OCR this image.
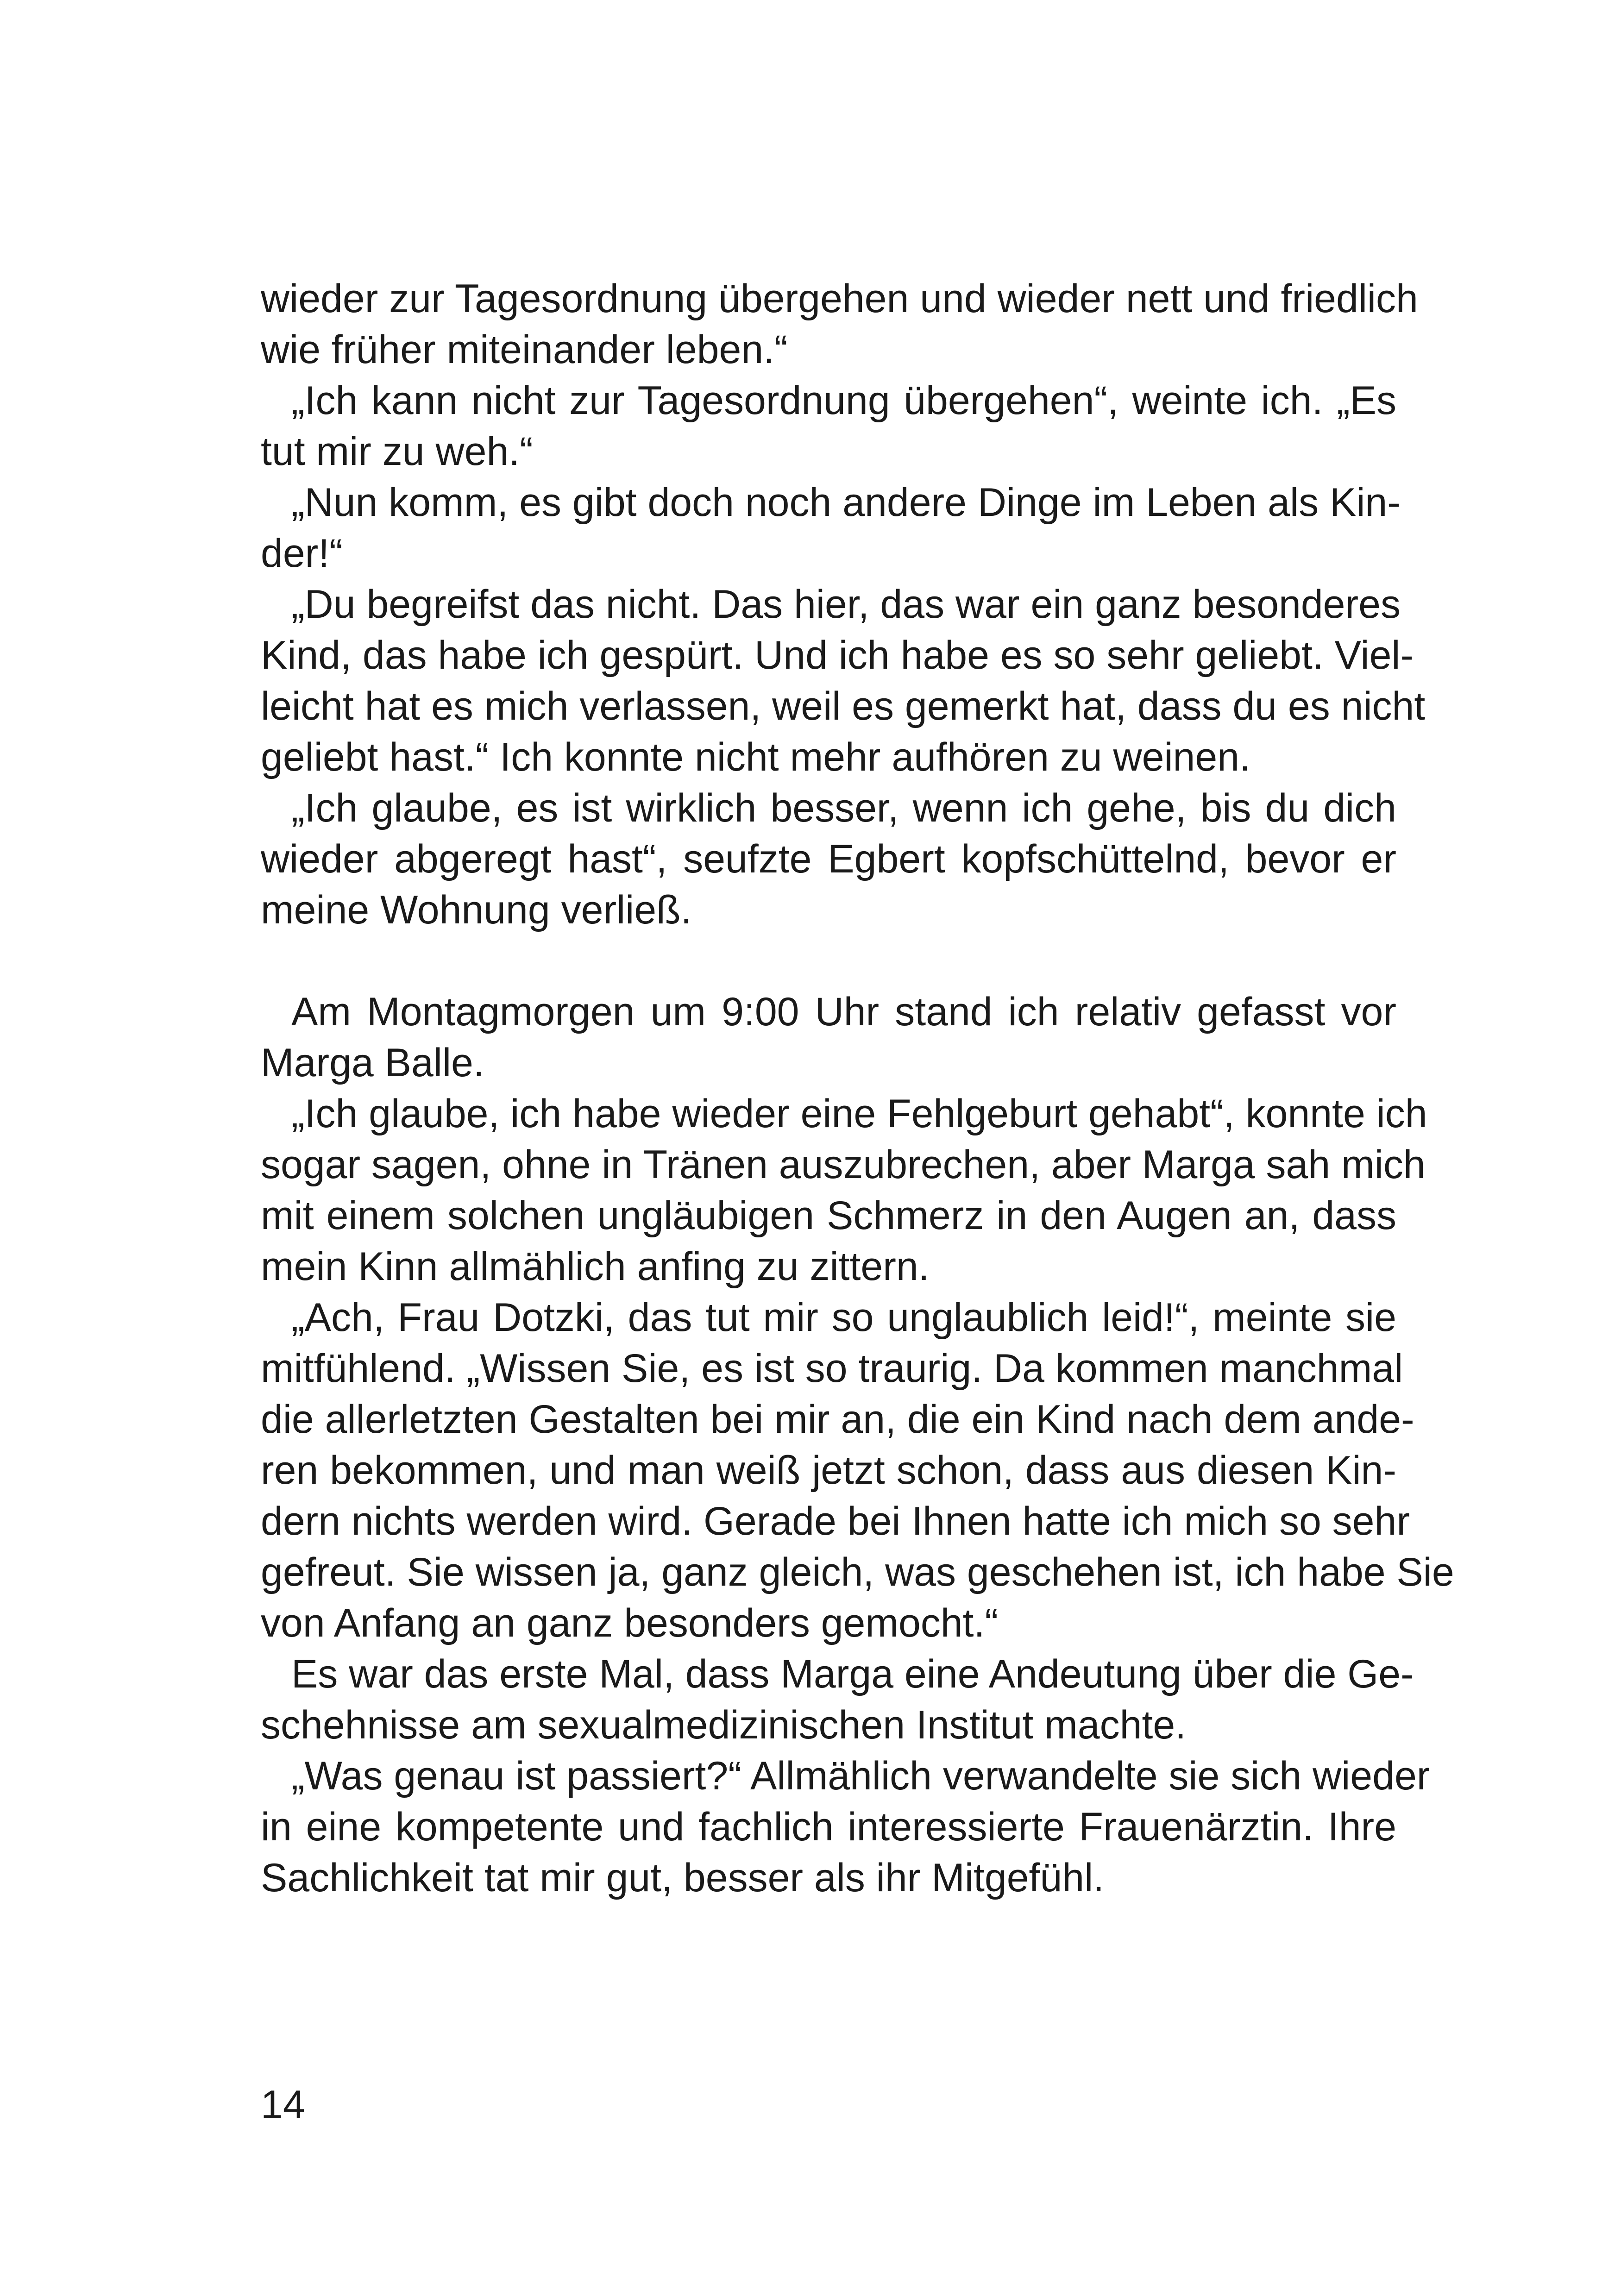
wieder zur Tagesordnung übergehen und wieder nett und friedlich
wie früher miteinander leben.“

„Ich kann nicht zur Tagesordnung übergehen“, weinte ich. „Es
tut mir zu weh.“

„Nun komm, es gibt doch noch andere Dinge im Leben als Kin-
der!“

„Du begreifst das nicht. Das hier, das war ein ganz besonderes
Kind, das habe ich gespürt. Und ich habe es so sehr geliebt. Viel-
leicht hat es mich verlassen, weil es gemerkt hat, dass du es nicht
geliebt hast.“ Ich konnte nicht mehr aufhören zu weinen.

„Ich glaube, es ist wirklich besser, wenn ich gehe, bis du dich
wieder abgeregt hast“, seufzte Egbert kopfschüttelnd, bevor er
meine Wohnung verließ.

Am Montagmorgen um 9:00 Uhr stand ich relativ gefasst vor
Marga Balle.

„Ich glaube, ich habe wieder eine Fehlgeburt gehabt“, konnte ich
sogar sagen, ohne in Tränen auszubrechen, aber Marga sah mich
mit einem solchen ungläubigen Schmerz in den Augen an, dass
mein Kinn allmählich anfing zu zittern.

„Ach, Frau Dotzki, das tut mir so unglaublich leid!“, meinte sie
mitfühlend. „Wissen Sie, es ist so traurig. Da kommen manchmal
die allerletzten Gestalten bei mir an, die ein Kind nach dem ande-
ren bekommen, und man weiß jetzt schon, dass aus diesen Kin-
dern nichts werden wird. Gerade bei Ihnen hatte ich mich so sehr
gefreut. Sie wissen ja, ganz gleich, was geschehen ist, ich habe Sie
von Anfang an ganz besonders gemocht.“

Es war das erste Mal, dass Marga eine Andeutung über die Ge-
schehnisse am sexualmedizinischen Institut machte.

„Was genau ist passiert?“ Allmählich verwandelte sie sich wieder
in eine kompetente und fachlich interessierte Frauenärztin. Ihre
Sachlichkeit tat mir gut, besser als ihr Mitgefühl.

14
